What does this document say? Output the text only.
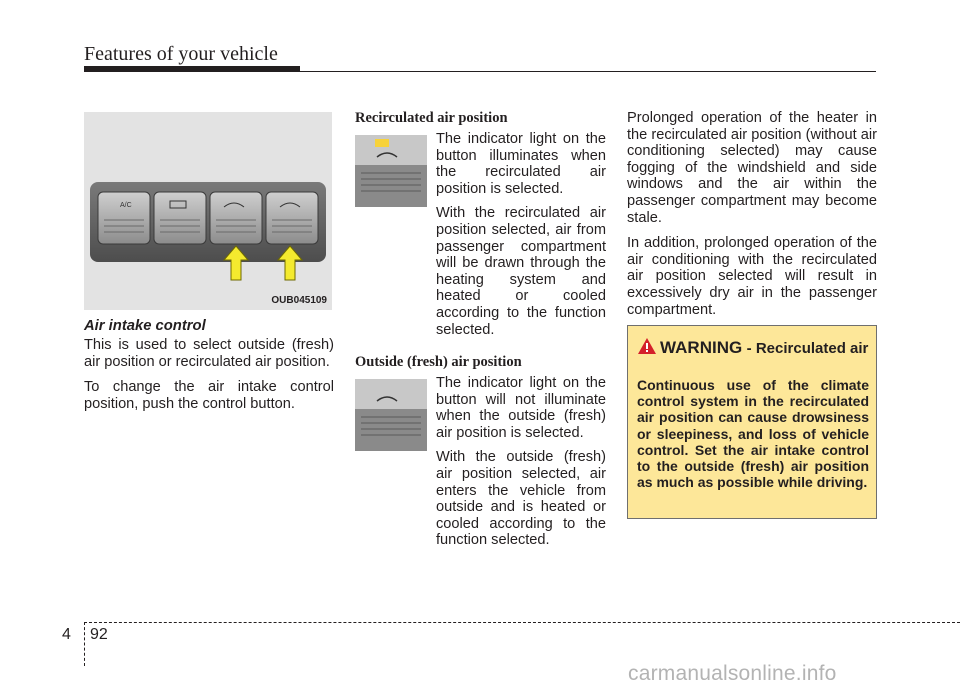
Features of your vehicle
A/C
OUB045109
Air intake control

This is used to select outside (fresh) air position or recirculated air position.

To change the air intake control position, push the control button.

Recirculated air position

The indicator light on the button illuminates when the recirculated air position is selected.

With the recirculated air position selected, air from passenger compartment will be drawn through the heating system and heated or cooled according to the function selected.

Outside (fresh) air position

The indicator light on the button will not illuminate when the outside (fresh) air position is selected.

With the outside (fresh) air position selected, air enters the vehicle from outside and is heated or cooled according to the function selected.

Prolonged operation of the heater in the recirculated air position (without air conditioning selected) may cause fogging of the windshield and side windows and the air within the passenger compartment may become stale.

In addition, prolonged operation of the air conditioning with the recirculated air position selected will result in excessively dry air in the passenger compartment.

WARNING - Recirculated air
Continuous use of the climate control system in the recirculated air position can cause drowsiness or sleepiness, and loss of vehicle control. Set the air intake control to the outside (fresh) air position as much as possible while driving.
4 92
carmanualsonline.info
